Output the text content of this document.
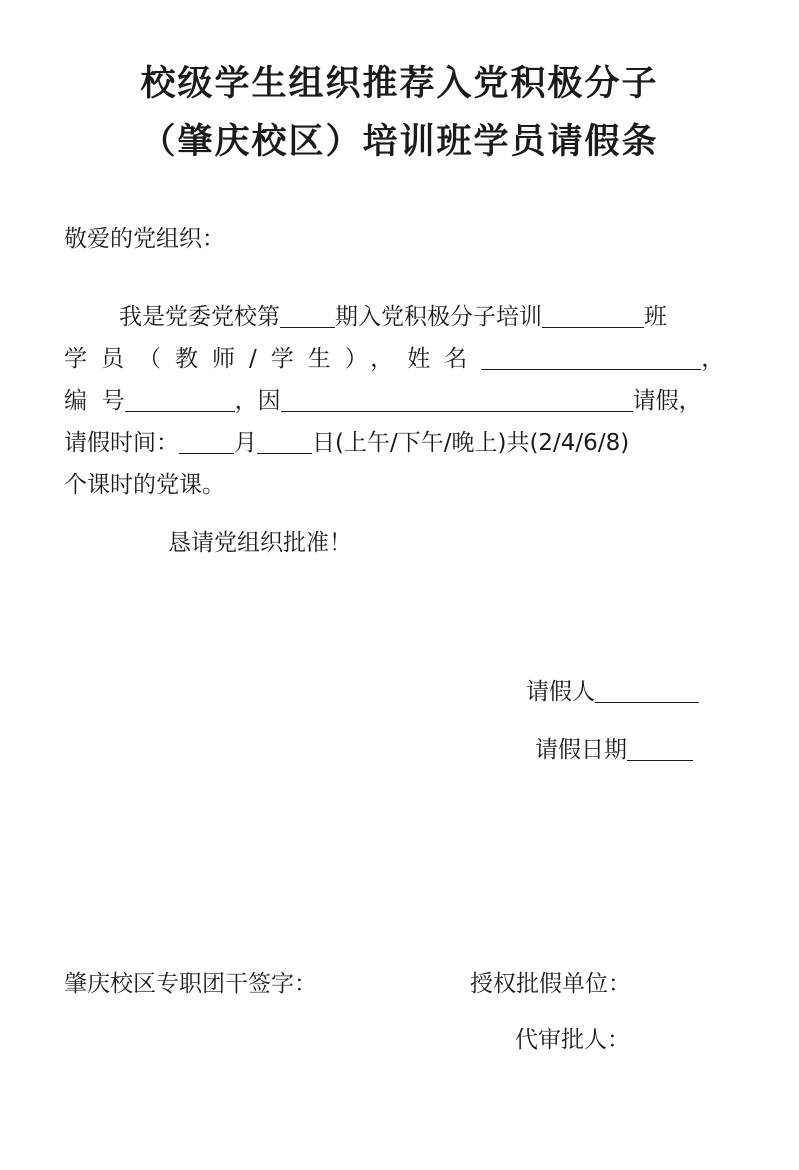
校级学生组织推荐入党积极分子
（肇庆校区）培训班学员请假条
敬爱的党组织：
我是党委党校第 期入党积极分子培训	班
学员（教师/学生），姓名	，
编  号	，因	请假，
请假时间： 月 日(上午/下午/晚上)共(2/4/6/8)
个课时的党课。
恳请党组织批准！
请假人
请假日期
肇庆校区专职团干签字：	授权批假单位：
代审批人：
